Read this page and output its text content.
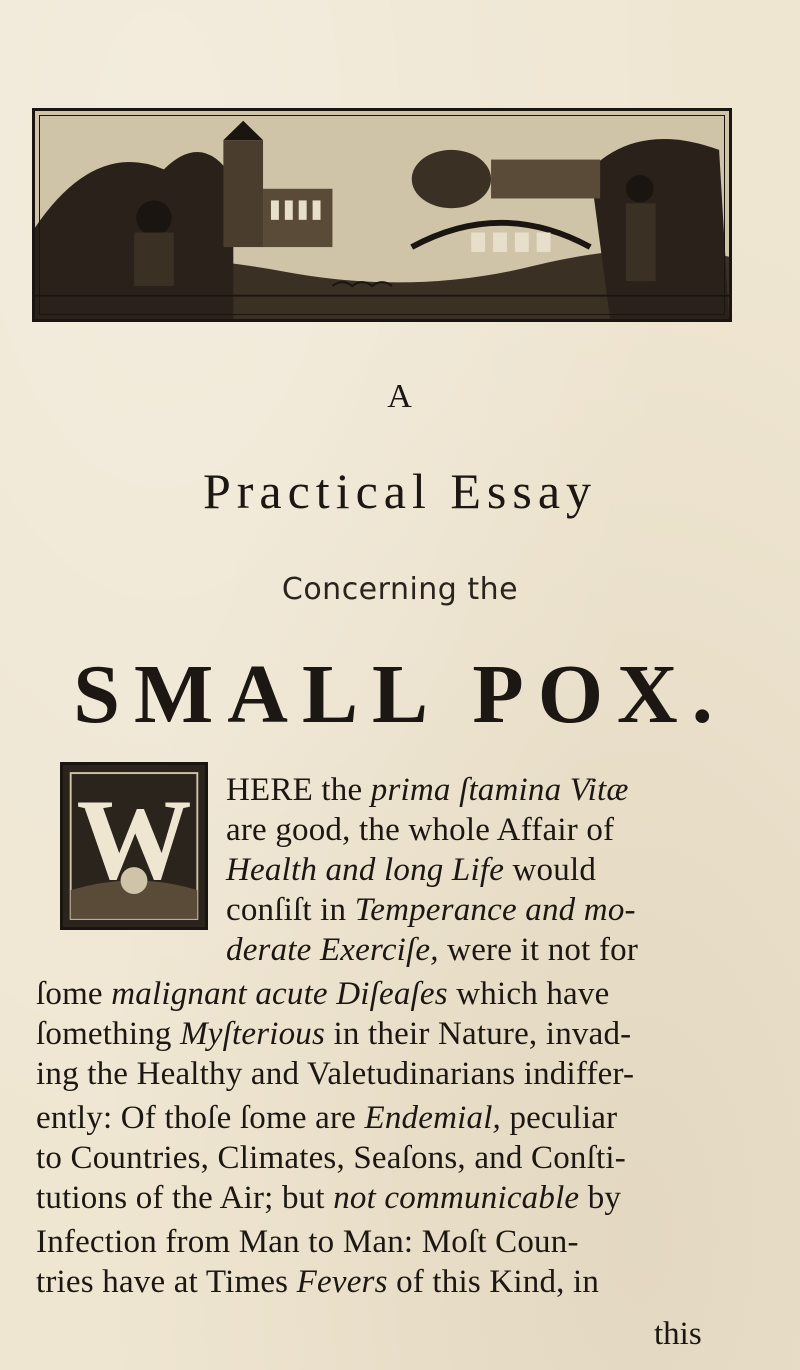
A
Practical Essay
Concerning the
SMALL POX.
W HERE the prima ſtamina Vitæ
are good, the whole Affair of
Health and long Life would
conſiſt in Temperance and mo-
derate Exerciſe, were it not for
ſome malignant acute Diſeaſes which have
ſomething Myſterious in their Nature, invad-
ing the Healthy and Valetudinarians indiffer-
ently: Of thoſe ſome are Endemial, peculiar
to Countries, Climates, Seaſons, and Conſti-
tutions of the Air; but not communicable by
Infection from Man to Man: Moſt Coun-
tries have at Times Fevers of this Kind, in
this
